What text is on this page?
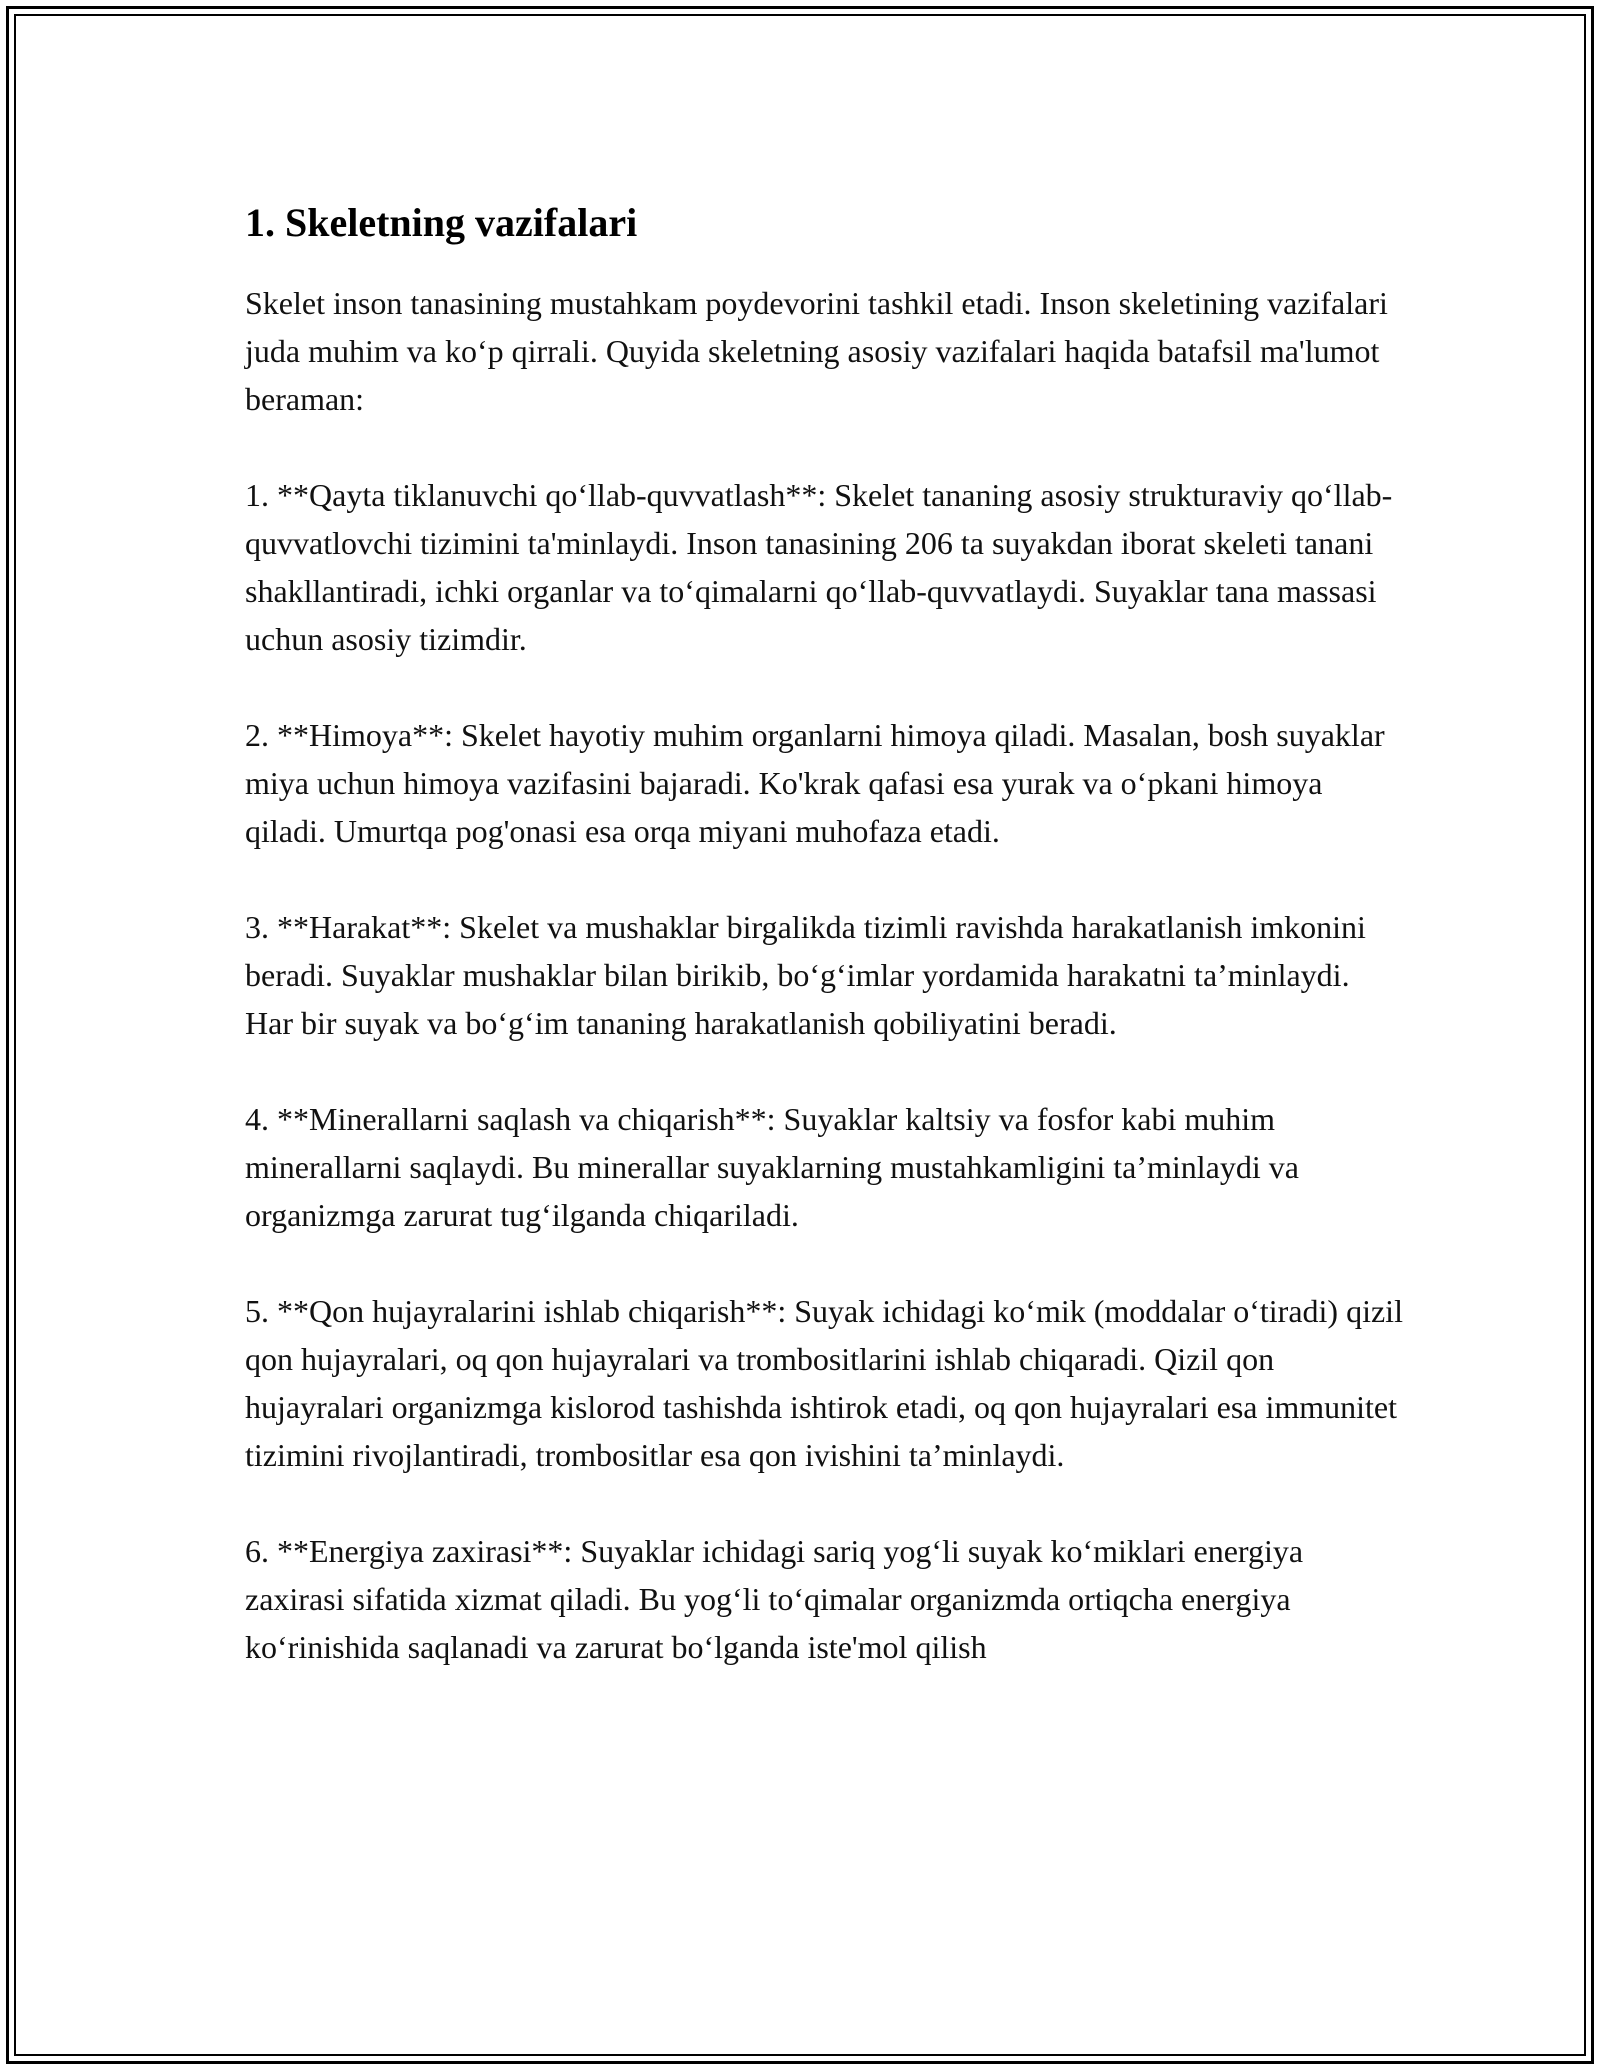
1. Skeletning vazifalari

Skelet inson tanasining mustahkam poydevorini tashkil etadi. Inson skeletining vazifalari juda muhim va ko‘p qirrali. Quyida skeletning asosiy vazifalari haqida batafsil ma'lumot beraman:

1. **Qayta tiklanuvchi qo‘llab-quvvatlash**: Skelet tananing asosiy strukturaviy qo‘llab-quvvatlovchi tizimini ta'minlaydi. Inson tanasining 206 ta suyakdan iborat skeleti tanani shakllantiradi, ichki organlar va to‘qimalarni qo‘llab-quvvatlaydi. Suyaklar tana massasi uchun asosiy tizimdir.

2. **Himoya**: Skelet hayotiy muhim organlarni himoya qiladi. Masalan, bosh suyaklar miya uchun himoya vazifasini bajaradi. Ko'krak qafasi esa yurak va o‘pkani himoya qiladi. Umurtqa pog'onasi esa orqa miyani muhofaza etadi.

3. **Harakat**: Skelet va mushaklar birgalikda tizimli ravishda harakatlanish imkonini beradi. Suyaklar mushaklar bilan birikib, bo‘g‘imlar yordamida harakatni ta’minlaydi. Har bir suyak va bo‘g‘im tananing harakatlanish qobiliyatini beradi.

4. **Minerallarni saqlash va chiqarish**: Suyaklar kaltsiy va fosfor kabi muhim minerallarni saqlaydi. Bu minerallar suyaklarning mustahkamligini ta’minlaydi va organizmga zarurat tug‘ilganda chiqariladi.

5. **Qon hujayralarini ishlab chiqarish**: Suyak ichidagi ko‘mik (moddalar o‘tiradi) qizil qon hujayralari, oq qon hujayralari va trombositlarini ishlab chiqaradi. Qizil qon hujayralari organizmga kislorod tashishda ishtirok etadi, oq qon hujayralari esa immunitet tizimini rivojlantiradi, trombositlar esa qon ivishini ta’minlaydi.

6. **Energiya zaxirasi**: Suyaklar ichidagi sariq yog‘li suyak ko‘miklari energiya zaxirasi sifatida xizmat qiladi. Bu yog‘li to‘qimalar organizmda ortiqcha energiya ko‘rinishida saqlanadi va zarurat bo‘lganda iste'mol qilish
